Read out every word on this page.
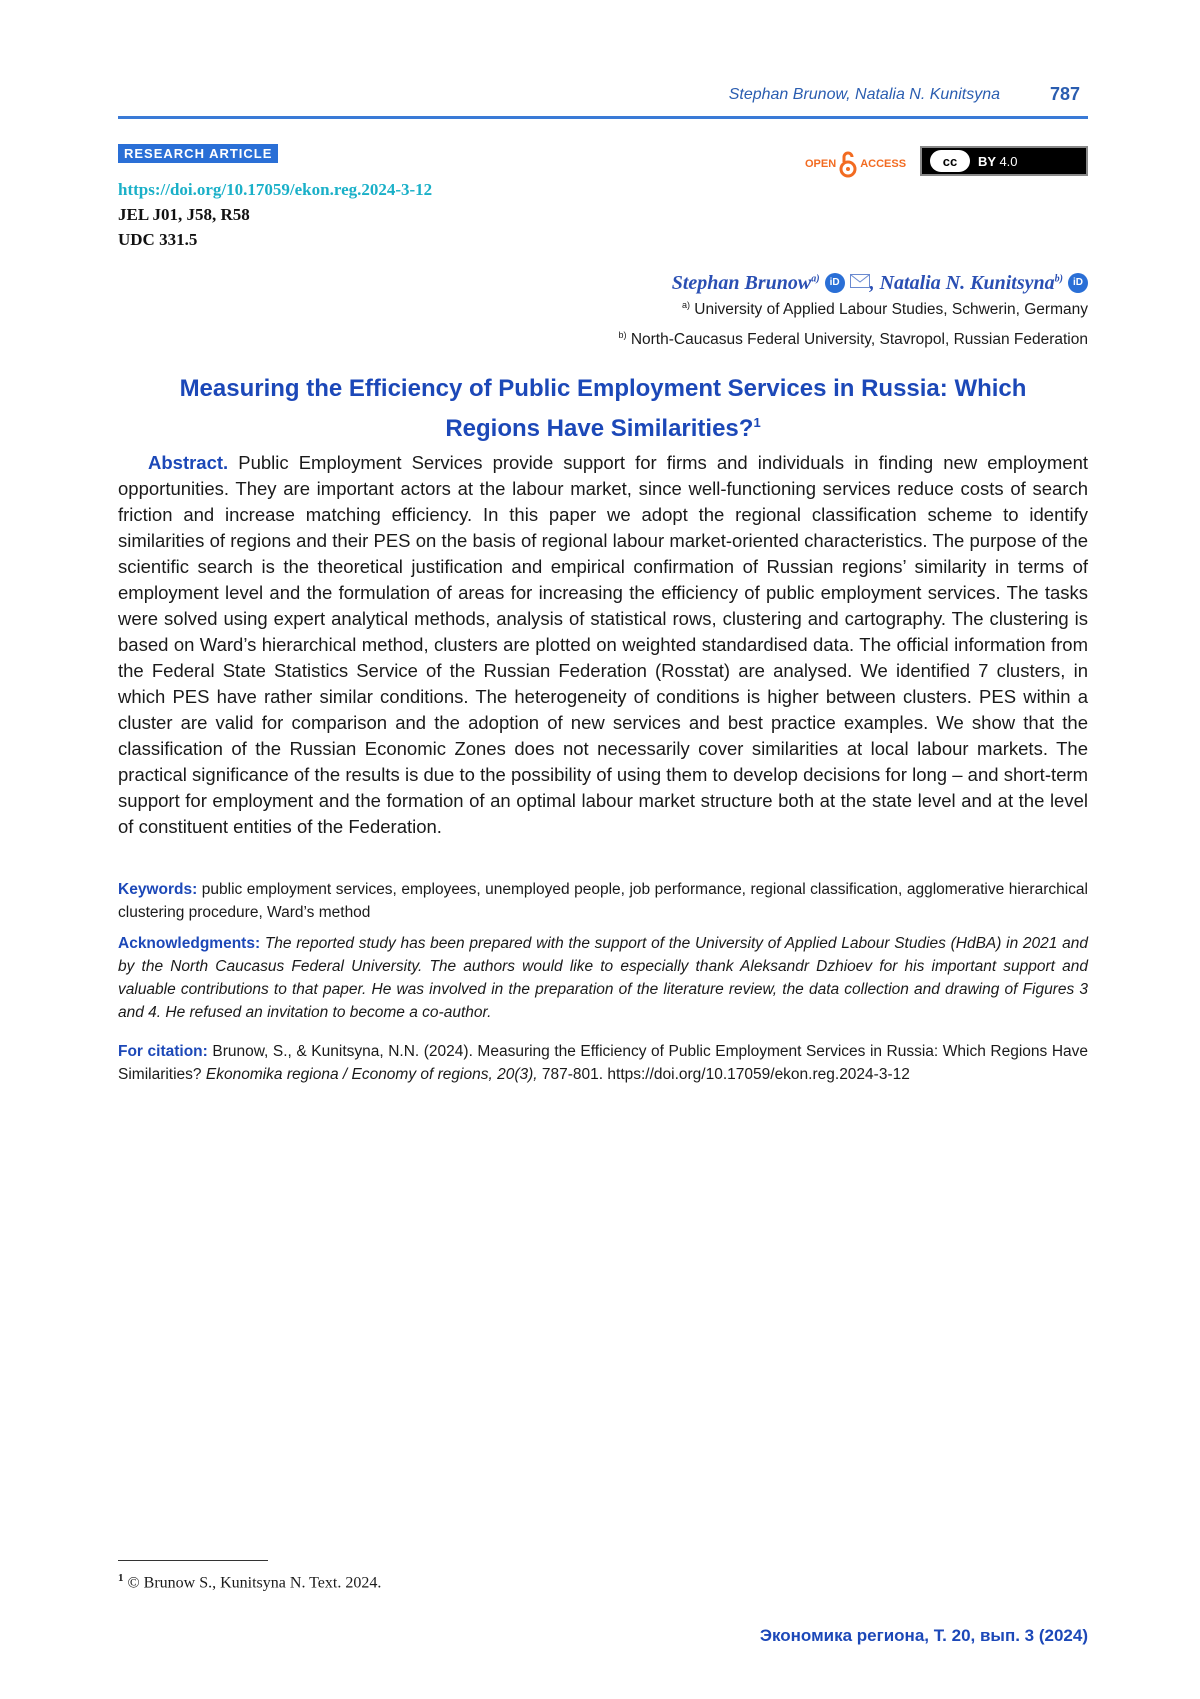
Stephan Brunow, Natalia N. Kunitsyna	787
RESEARCH ARTICLE
https://doi.org/10.17059/ekon.reg.2024-3-12
JEL J01, J58, R58
UDC 331.5
OPEN ACCESS	cc	BY 4.0
Stephan Brunow$^{a)}$ iD , Natalia N. Kunitsyna$^{b)}$ iD
$^{a)}$ University of Applied Labour Studies, Schwerin, Germany
$^{b)}$ North-Caucasus Federal University, Stavropol, Russian Federation
Measuring the Efficiency of Public Employment Services in Russia: Which
Regions Have Similarities?$^1$
Abstract. Public Employment Services provide support for firms and individuals in finding new employment opportunities. They are important actors at the labour market, since well-functioning services reduce costs of search friction and increase matching efficiency. In this paper we adopt the regional classification scheme to identify similarities of regions and their PES on the basis of regional labour market-oriented characteristics. The purpose of the scientific search is the theoretical justification and empirical confirmation of Russian regions’ similarity in terms of employment level and the formulation of areas for increasing the efficiency of public employment services. The tasks were solved using expert analytical methods, analysis of statistical rows, clustering and cartography. The clustering is based on Ward’s hierarchical method, clusters are plotted on weighted standardised data. The official information from the Federal State Statistics Service of the Russian Federation (Rosstat) are analysed. We identified 7 clusters, in which PES have rather similar conditions. The heterogeneity of conditions is higher between clusters. PES within a cluster are valid for comparison and the adoption of new services and best practice examples. We show that the classification of the Russian Economic Zones does not necessarily cover similarities at local labour markets. The practical significance of the results is due to the possibility of using them to develop decisions for long – and short-term support for employment and the formation of an optimal labour market structure both at the state level and at the level of constituent entities of the Federation.
Keywords: public employment services, employees, unemployed people, job performance, regional classification, agglomerative hierarchical clustering procedure, Ward’s method
Acknowledgments: The reported study has been prepared with the support of the University of Applied Labour Studies (HdBA) in 2021 and by the North Caucasus Federal University. The authors would like to especially thank Aleksandr Dzhioev for his important support and valuable contributions to that paper. He was involved in the preparation of the literature review, the data collection and drawing of Figures 3 and 4. He refused an invitation to become a co-author.
For citation: Brunow, S., & Kunitsyna, N.N. (2024). Measuring the Efficiency of Public Employment Services in Russia: Which Regions Have Similarities? Ekonomika regiona / Economy of regions, 20(3), 787-801. https://doi.org/10.17059/ekon.reg.2024-3-12
$^1$ © Brunow S., Kunitsyna N. Text. 2024.
Экономика региона, Т. 20, вып. 3 (2024)
